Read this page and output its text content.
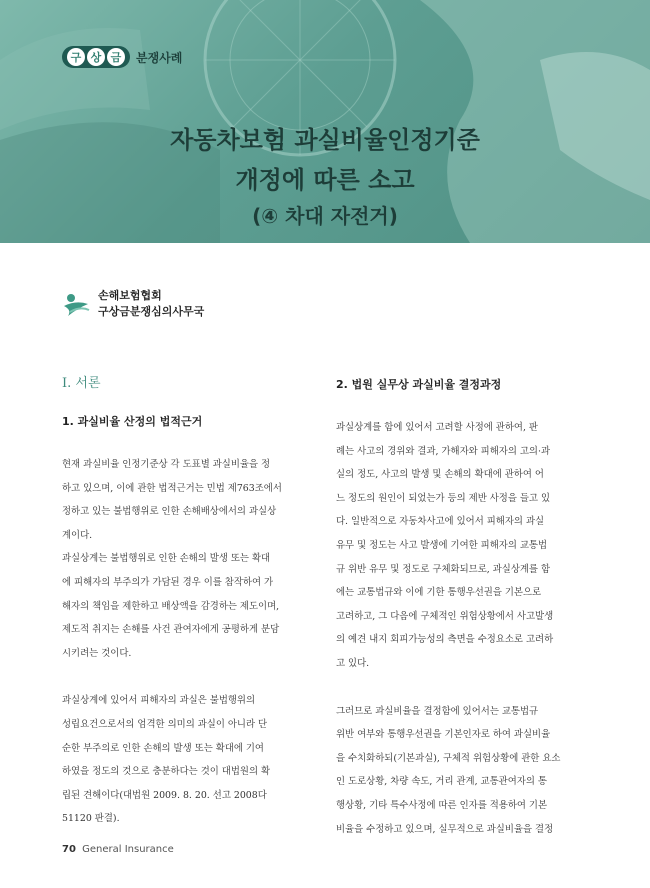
구 상 금	분쟁사례
자동차보험 과실비율인정기준
개정에 따른 소고
(④ 차대 자전거)
손해보험협회
구상금분쟁심의사무국
Ⅰ. 서론
1. 과실비율 산정의 법적근거
현재 과실비율 인정기준상 각 도표별 과실비율을 정
하고 있으며, 이에 관한 법적근거는 민법 제763조에서
정하고 있는 불법행위로 인한 손해배상에서의 과실상
계이다.
과실상계는 불법행위로 인한 손해의 발생 또는 확대
에 피해자의 부주의가 가담된 경우 이를 참작하여 가
해자의 책임을 제한하고 배상액을 감경하는 제도이며,
제도적 취지는 손해를 사건 관여자에게 공평하게 분담
시키려는 것이다.
과실상계에 있어서 피해자의 과실은 불법행위의
성립요건으로서의 엄격한 의미의 과실이 아니라 단
순한 부주의로 인한 손해의 발생 또는 확대에 기여
하였을 정도의 것으로 충분하다는 것이 대법원의 확
립된 견해이다(대법원 2009. 8. 20. 선고 2008다
51120 판결).
2. 법원 실무상 과실비율 결정과정
과실상계를 함에 있어서 고려할 사정에 관하여, 판
례는 사고의 경위와 결과, 가해자와 피해자의 고의·과
실의 정도, 사고의 발생 및 손해의 확대에 관하여 어
느 정도의 원인이 되었는가 등의 제반 사정을 들고 있
다. 일반적으로 자동차사고에 있어서 피해자의 과실
유무 및 정도는 사고 발생에 기여한 피해자의 교통법
규 위반 유무 및 정도로 구체화되므로, 과실상계를 함
에는 교통법규와 이에 기한 통행우선권을 기본으로
고려하고, 그 다음에 구체적인 위험상황에서 사고발생
의 예견 내지 회피가능성의 측면을 수정요소로 고려하
고 있다.
그러므로 과실비율을 결정함에 있어서는 교통법규
위반 여부와 통행우선권을 기본인자로 하여 과실비율
을 수치화하되(기본과실), 구체적 위험상황에 관한 요소
인 도로상황, 차량 속도, 거리 관계, 교통관여자의 통
행상황, 기타 특수사정에 따른 인자를 적용하여 기본
비율을 수정하고 있으며, 실무적으로 과실비율을 결정
70 General Insurance
